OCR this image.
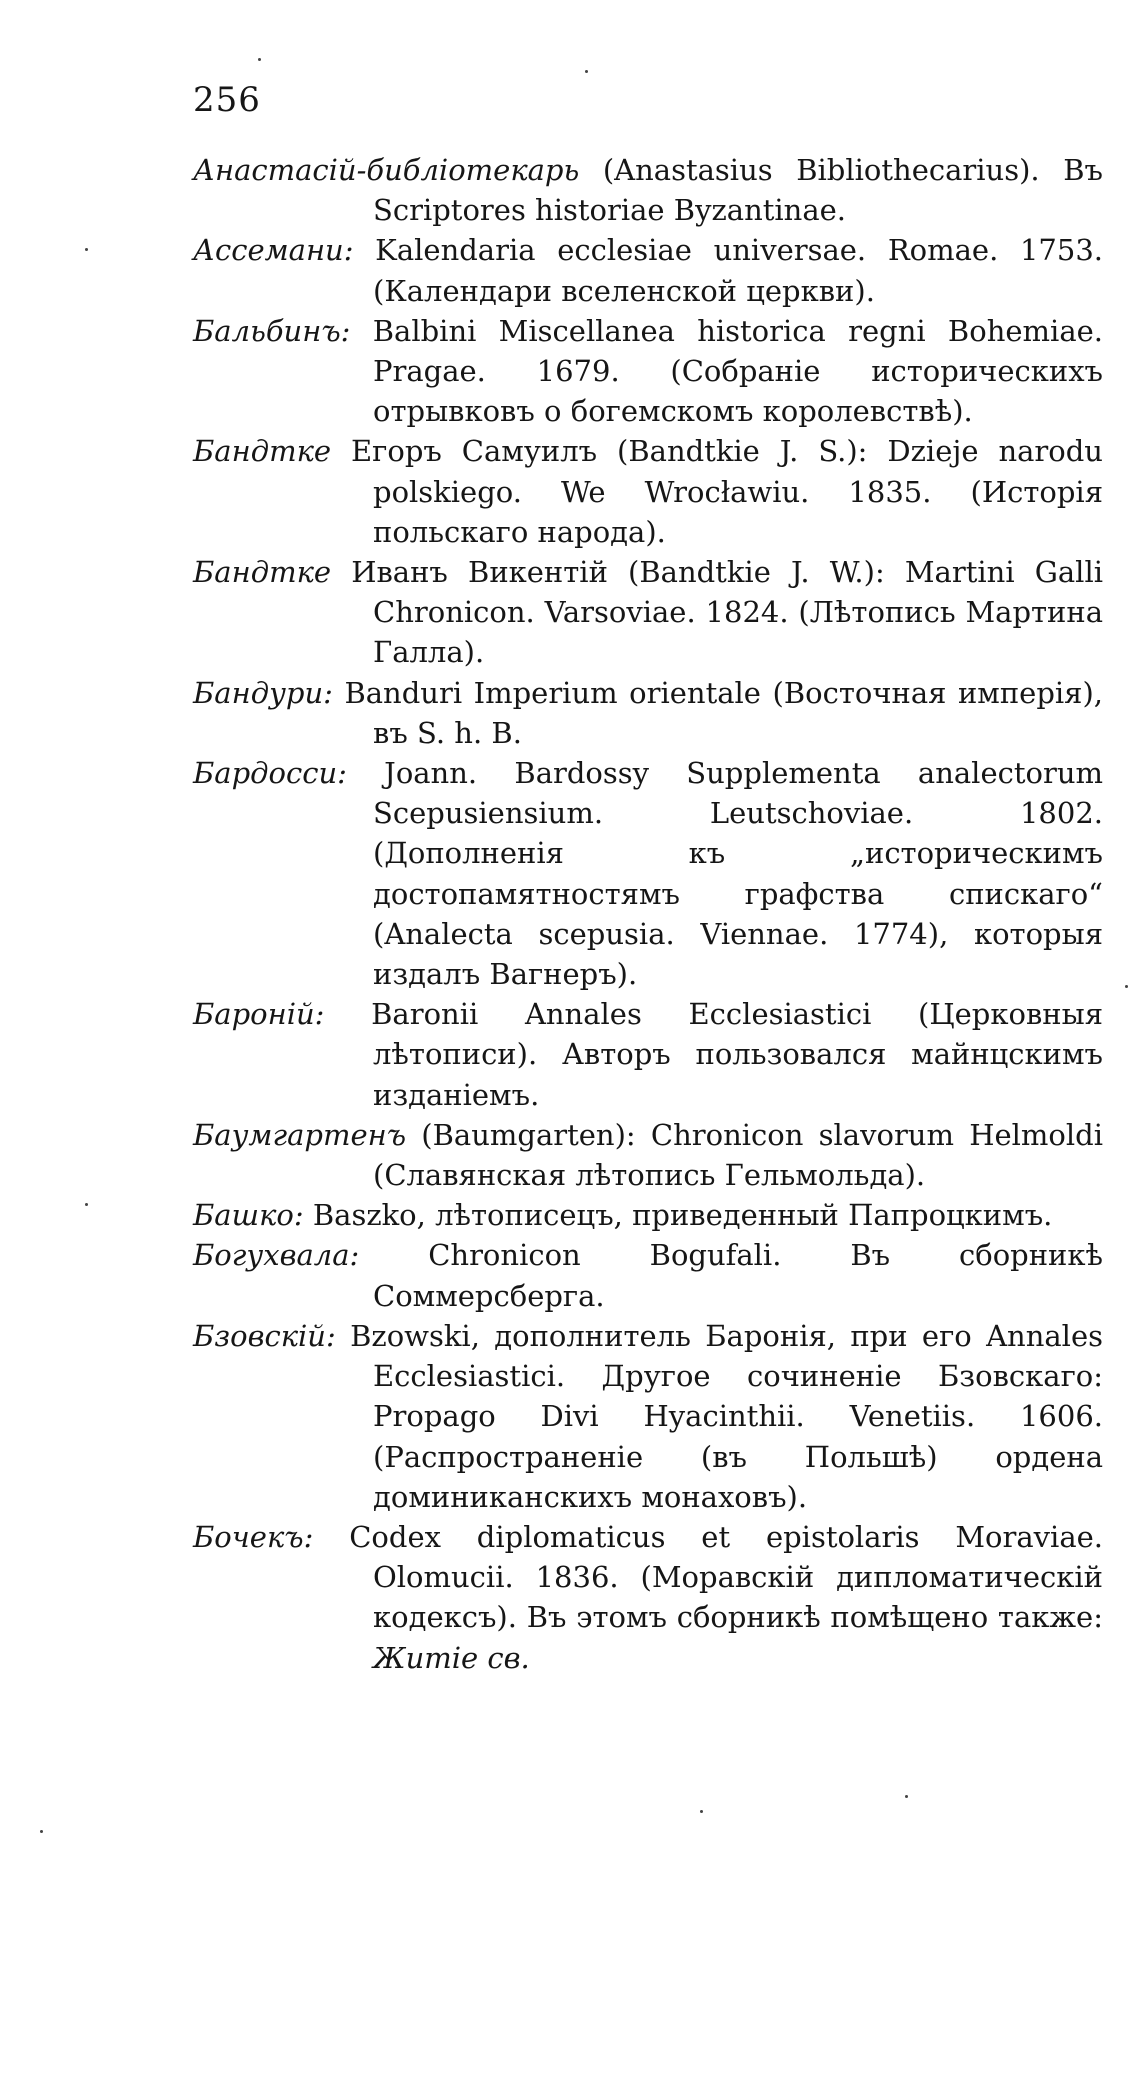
256

Анастасій-библіотекарь (Anastasius Bibliothecarius). Въ Scriptores historiae Byzantinae.

Ассемани: Kalendaria ecclesiae universae. Romae. 1753. (Календари вселенской церкви).

Бальбинъ: Balbini Miscellanea historica regni Bohemiae. Pragae. 1679. (Собраніе историческихъ отрывковъ о богемскомъ королевствѣ).

Бандтке Егоръ Самуилъ (Bandtkie J. S.): Dzieje narodu polskiego. We Wrocławiu. 1835. (Исторія польскаго народа).

Бандтке Иванъ Викентій (Bandtkie J. W.): Martini Galli Chronicon. Varsoviae. 1824. (Лѣтопись Мартина Галла).

Бандури: Banduri Imperium orientale (Восточная имперія), въ S. h. B.

Бардосси: Joann. Bardossy Supplementa analectorum Scepusiensium. Leutschoviae. 1802. (Дополненія къ „историческимъ достопамятностямъ графства спискаго“ (Analecta scepusia. Viennae. 1774), которыя издалъ Вагнеръ).

Бароній: Baronii Annales Ecclesiastici (Церковныя лѣтописи). Авторъ пользовался майнцскимъ изданіемъ.

Баумгартенъ (Baumgarten): Chronicon slavorum Helmoldi (Славянская лѣтопись Гельмольда).

Башко: Baszko, лѣтописецъ, приведенный Папроцкимъ.

Богухвала: Chronicon Bogufali. Въ сборникѣ Соммерсберга.

Бзовскій: Bzowski, дополнитель Баронія, при его Annales Ecclesiastici. Другое сочиненіе Бзовскаго: Propago Divi Hyacinthii. Venetiis. 1606. (Распространеніе (въ Польшѣ) ордена доминиканскихъ монаховъ).

Бочекъ: Codex diplomaticus et epistolaris Moraviae. Olomucii. 1836. (Моравскій дипломатическій кодексъ). Въ этомъ сборникѣ помѣщено также: Житіе св.
